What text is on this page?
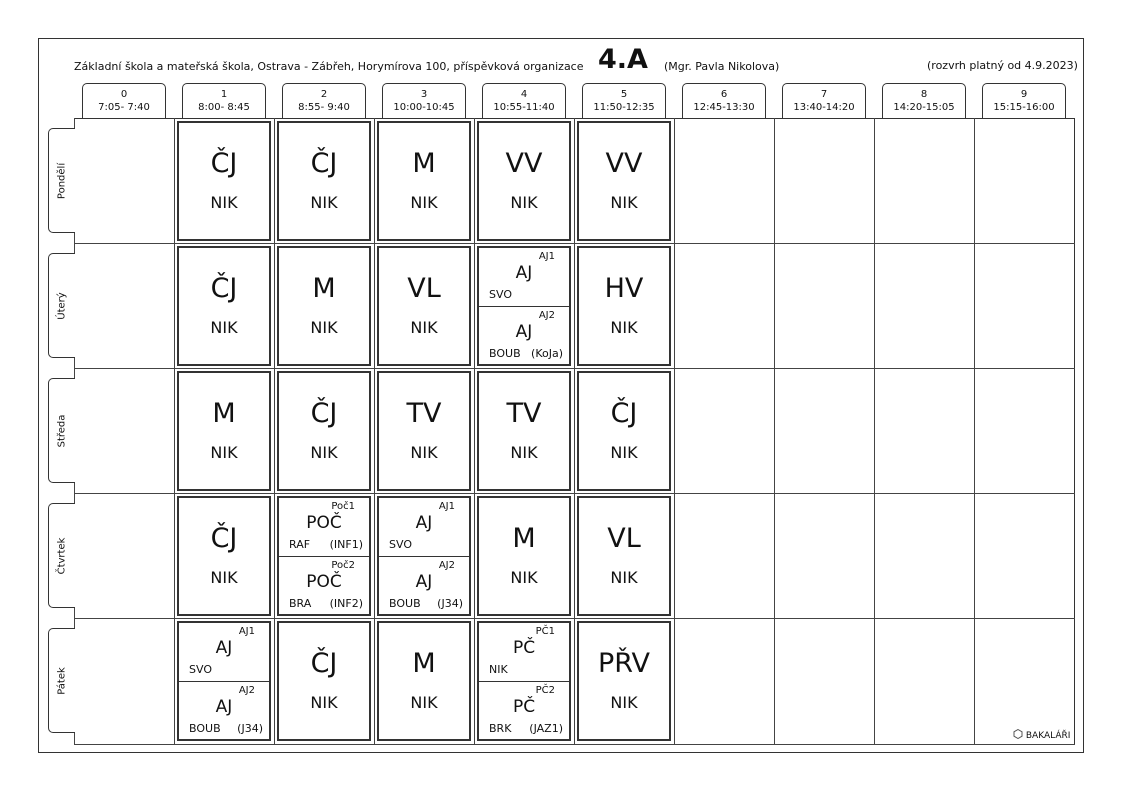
Základní škola a mateřská škola, Ostrava - Zábřeh, Horymírova 100, příspěvková organizace 4.A (Mgr. Pavla Nikolova)	(rozvrh platný od 4.9.2023)
0
7:05- 7:40
1
8:00- 8:45
2
8:55- 9:40
3
10:00-10:45
4
10:55-11:40
5
11:50-12:35
6
12:45-13:30
7
13:40-14:20
8
14:20-15:05
9
15:15-16:00
Pondělí
Úterý
Středa
Čtvrtek
Pátek
ČJ
NIK
ČJ
NIK
M
NIK
VV
NIK
VV
NIK
ČJ
NIK
M
NIK
VL
NIK
AJ1
AJ
SVO
AJ2
AJ
BOUB (KoJa)
HV
NIK
M
NIK
ČJ
NIK
TV
NIK
TV
NIK
ČJ
NIK
ČJ
NIK
Poč1
POČ
RAF (INF1)
Poč2
POČ
BRA (INF2)
AJ1
AJ
SVO
AJ2
AJ
BOUB (J34)
M
NIK
VL
NIK
AJ1
AJ
SVO
AJ2
AJ
BOUB (J34)
ČJ
NIK
M
NIK
PČ1
PČ
NIK
PČ2
PČ
BRK (JAZ1)
PŘV
NIK
BAKALÁŘI
